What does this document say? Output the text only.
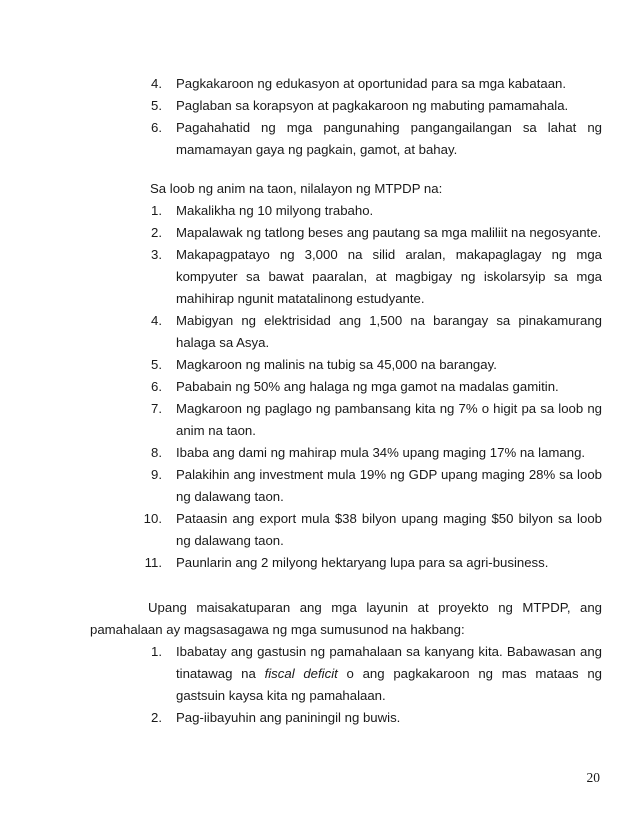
4. Pagkakaroon ng edukasyon at oportunidad para sa mga kabataan.
5. Paglaban sa korapsyon at pagkakaroon ng mabuting pamamahala.
6. Pagahahatid ng mga pangunahing pangangailangan sa lahat ng mamamayan gaya ng pagkain, gamot, at bahay.
Sa loob ng anim na taon, nilalayon ng MTPDP na:
1. Makalikha ng 10 milyong trabaho.
2. Mapalawak ng tatlong beses ang pautang sa mga maliliit na negosyante.
3. Makapagpatayo ng 3,000 na silid aralan, makapaglagay ng mga kompyuter sa bawat paaralan, at magbigay ng iskolarsyip sa mga mahihirap ngunit matatalinong estudyante.
4. Mabigyan ng elektrisidad ang 1,500 na barangay sa pinakamurang halaga sa Asya.
5. Magkaroon ng malinis na tubig sa 45,000 na barangay.
6. Pababain ng 50% ang halaga ng mga gamot na madalas gamitin.
7. Magkaroon ng paglago ng pambansang kita ng 7% o higit pa sa loob ng anim na taon.
8. Ibaba ang dami ng mahirap mula 34% upang maging 17% na lamang.
9. Palakihin ang investment mula 19% ng GDP upang maging 28% sa loob ng dalawang taon.
10. Pataasin ang export mula $38 bilyon upang maging $50 bilyon sa loob ng dalawang taon.
11. Paunlarin ang 2 milyong hektaryang lupa para sa agri-business.
Upang maisakatuparan ang mga layunin at proyekto ng MTPDP, ang pamahalaan ay magsasagawa ng mga sumusunod na hakbang:
1. Ibabatay ang gastusin ng pamahalaan sa kanyang kita. Babawasan ang tinatawag na fiscal deficit o ang pagkakaroon ng mas mataas ng gastsuin kaysa kita ng pamahalaan.
2. Pag-iibayuhin ang paniningil ng buwis.
20
